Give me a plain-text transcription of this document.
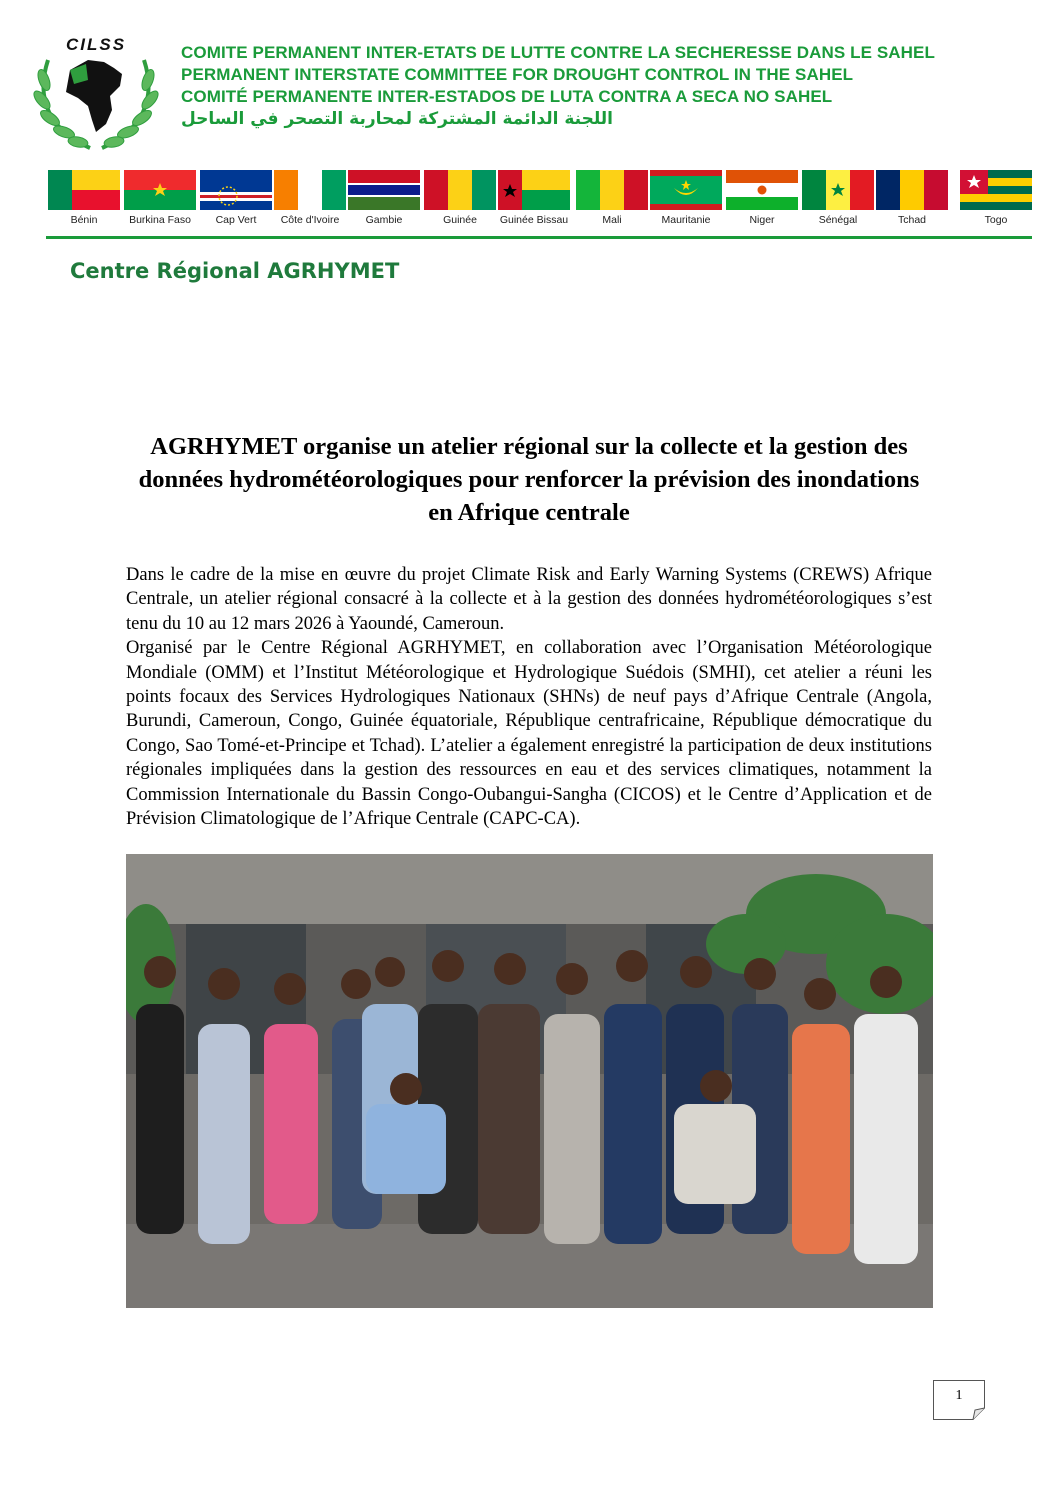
CILSS	COMITE PERMANENT INTER-ETATS DE LUTTE CONTRE LA SECHERESSE DANS LE SAHEL
PERMANENT INTERSTATE COMMITTEE FOR DROUGHT CONTROL IN THE SAHEL
COMITÉ PERMANENTE INTER-ESTADOS DE LUTA CONTRA A SECA NO SAHEL
اللجنة الدائمة المشتركة لمحاربة التصحر في الساحل
Bénin	Burkina Faso	Cap Vert	Côte d'Ivoire	Gambie	Guinée	Guinée Bissau	Mali	Mauritanie	Niger	Sénégal	Tchad	Togo
Centre Régional AGRHYMET
AGRHYMET organise un atelier régional sur la collecte et la gestion des données hydrométéorologiques pour renforcer la prévision des inondations en Afrique centrale

Dans le cadre de la mise en œuvre du projet Climate Risk and Early Warning Systems (CREWS) Afrique Centrale, un atelier régional consacré à la collecte et à la gestion des données hydrométéorologiques s’est tenu du 10 au 12 mars 2026 à Yaoundé, Cameroun.

Organisé par le Centre Régional AGRHYMET, en collaboration avec l’Organisation Météorologique Mondiale (OMM) et l’Institut Météorologique et Hydrologique Suédois (SMHI), cet atelier a réuni les points focaux des Services Hydrologiques Nationaux (SHNs) de neuf pays d’Afrique Centrale (Angola, Burundi, Cameroun, Congo, Guinée équatoriale, République centrafricaine, République démocratique du Congo, Sao Tomé-et-Principe et Tchad). L’atelier a également enregistré la participation de deux institutions régionales impliquées dans la gestion des ressources en eau et des services climatiques, notamment la Commission Internationale du Bassin Congo-Oubangui-Sangha (CICOS) et le Centre d’Application et de Prévision Climatologique de l’Afrique Centrale (CAPC-CA).

1
